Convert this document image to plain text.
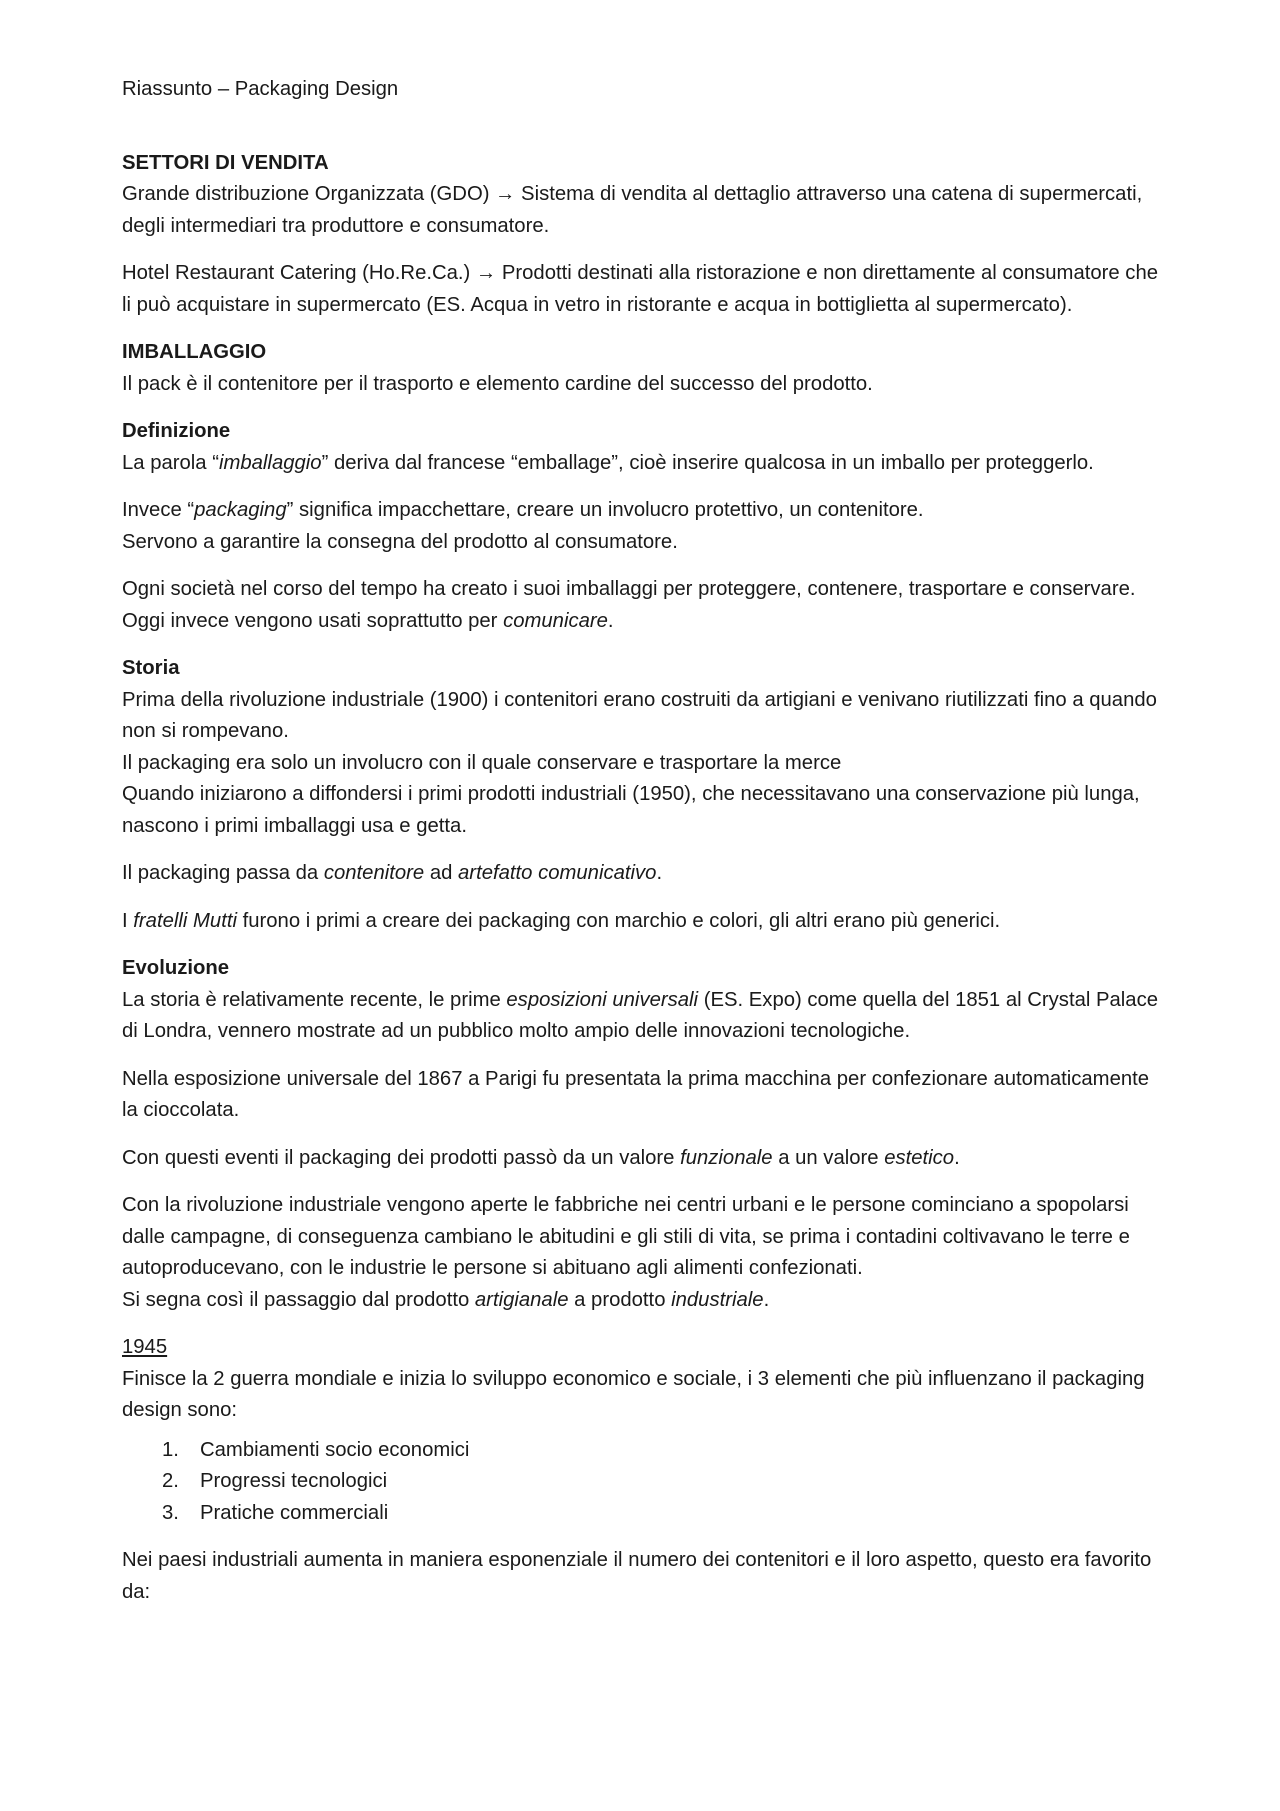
Riassunto – Packaging Design
SETTORI DI VENDITA
Grande distribuzione Organizzata (GDO) → Sistema di vendita al dettaglio attraverso una catena di supermercati, degli intermediari tra produttore e consumatore.
Hotel Restaurant Catering (Ho.Re.Ca.) → Prodotti destinati alla ristorazione e non direttamente al consumatore che li può acquistare in supermercato (ES. Acqua in vetro in ristorante e acqua in bottiglietta al supermercato).
IMBALLAGGIO
Il pack è il contenitore per il trasporto e elemento cardine del successo del prodotto.
Definizione
La parola “imballaggio” deriva dal francese “emballage”, cioè inserire qualcosa in un imballo per proteggerlo.
Invece “packaging” significa impacchettare, creare un involucro protettivo, un contenitore.
Servono a garantire la consegna del prodotto al consumatore.
Ogni società nel corso del tempo ha creato i suoi imballaggi per proteggere, contenere, trasportare e conservare. Oggi invece vengono usati soprattutto per comunicare.
Storia
Prima della rivoluzione industriale (1900) i contenitori erano costruiti da artigiani e venivano riutilizzati fino a quando non si rompevano.
Il packaging era solo un involucro con il quale conservare e trasportare la merce
Quando iniziarono a diffondersi i primi prodotti industriali (1950), che necessitavano una conservazione più lunga, nascono i primi imballaggi usa e getta.
Il packaging passa da contenitore ad artefatto comunicativo.
I fratelli Mutti furono i primi a creare dei packaging con marchio e colori, gli altri erano più generici.
Evoluzione
La storia è relativamente recente, le prime esposizioni universali (ES. Expo) come quella del 1851 al Crystal Palace di Londra, vennero mostrate ad un pubblico molto ampio delle innovazioni tecnologiche.
Nella esposizione universale del 1867 a Parigi fu presentata la prima macchina per confezionare automaticamente la cioccolata.
Con questi eventi il packaging dei prodotti passò da un valore funzionale a un valore estetico.
Con la rivoluzione industriale vengono aperte le fabbriche nei centri urbani e le persone cominciano a spopolarsi dalle campagne, di conseguenza cambiano le abitudini e gli stili di vita, se prima i contadini coltivavano le terre e autoproducevano, con le industrie le persone si abituano agli alimenti confezionati.
Si segna così il passaggio dal prodotto artigianale a prodotto industriale.
1945
Finisce la 2 guerra mondiale e inizia lo sviluppo economico e sociale, i 3 elementi che più influenzano il packaging design sono:
1. Cambiamenti socio economici
2. Progressi tecnologici
3. Pratiche commerciali
Nei paesi industriali aumenta in maniera esponenziale il numero dei contenitori e il loro aspetto, questo era favorito da:
